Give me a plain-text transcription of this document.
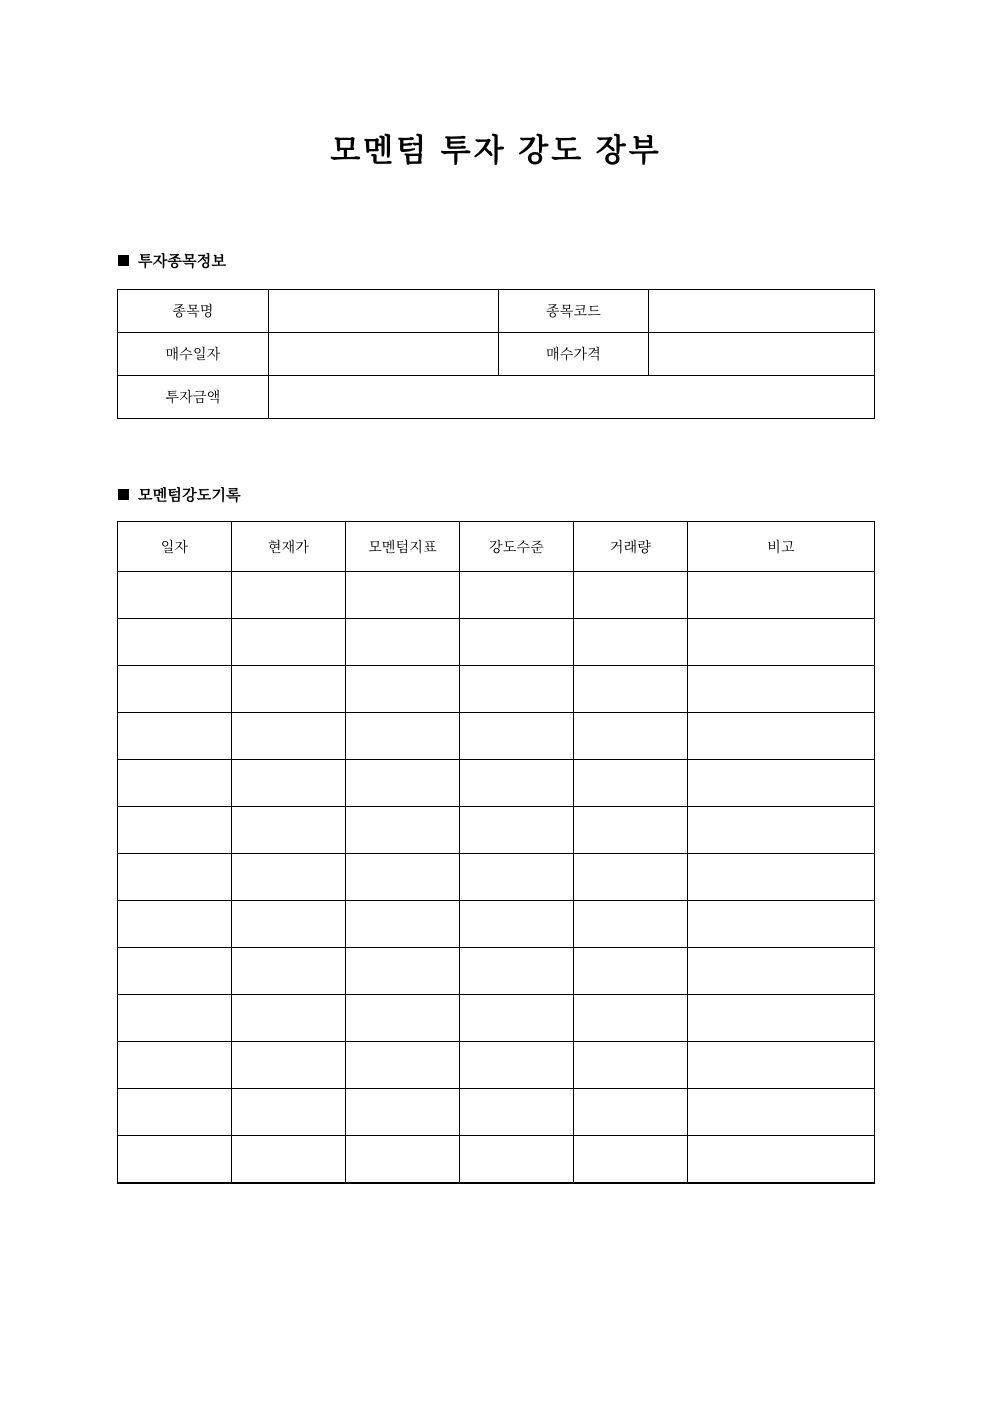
모멘텀 투자 강도 장부
투자종목정보
종목명		종목코드	
매수일자		매수가격	
투자금액			
모멘텀강도기록
일자	현재가	모멘텀지표	강도수준	거래량	비고
